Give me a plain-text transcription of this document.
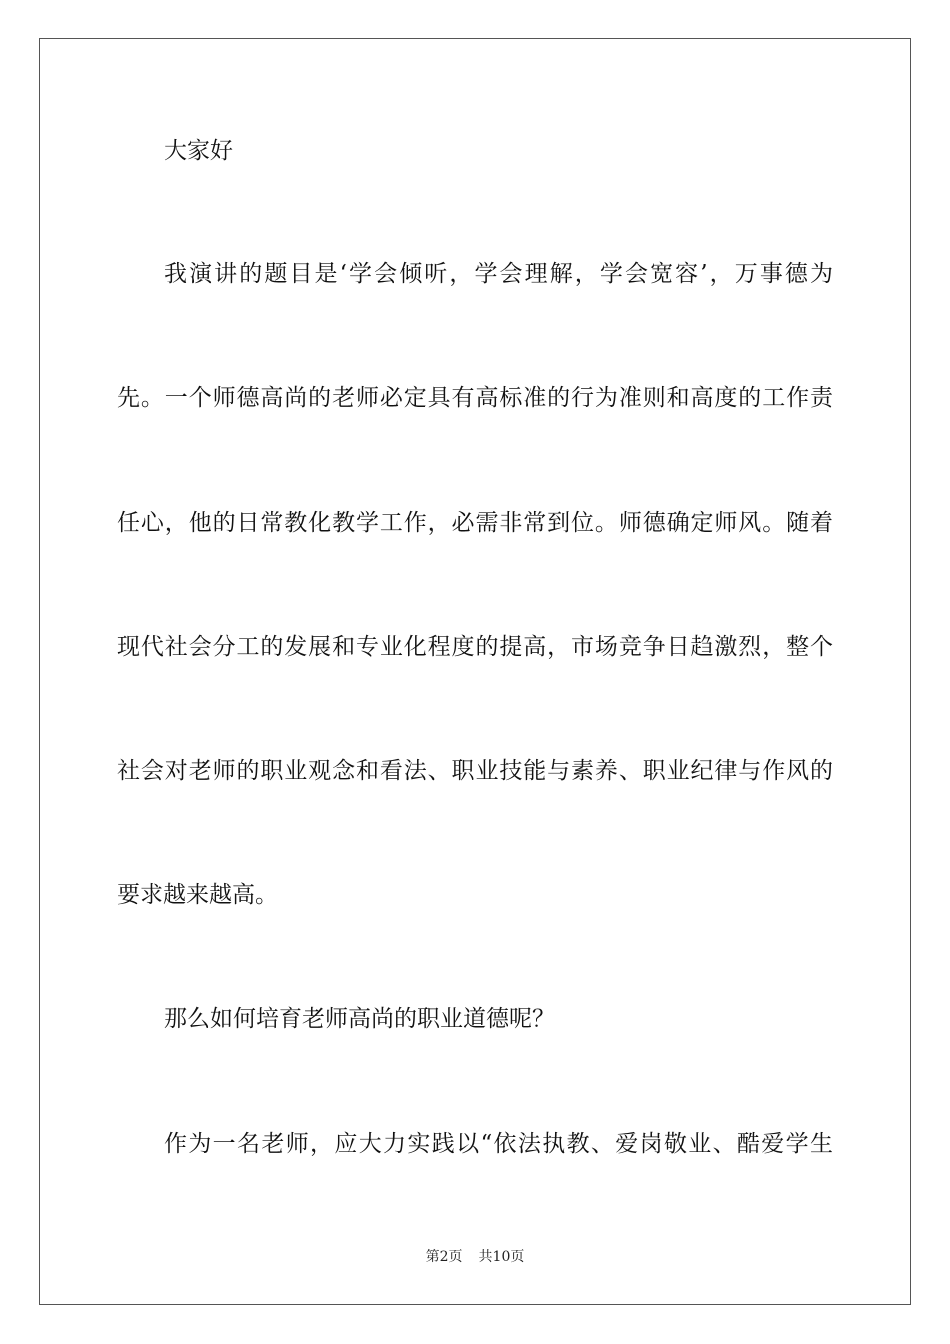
大家好
我演讲的题目是‘学会倾听，学会理解，学会宽容’，万事德为
先。一个师德高尚的老师必定具有高标准的行为准则和高度的工作责
任心，他的日常教化教学工作，必需非常到位。师德确定师风。随着
现代社会分工的发展和专业化程度的提高，市场竞争日趋激烈，整个
社会对老师的职业观念和看法、职业技能与素养、职业纪律与作风的
要求越来越高。
那么如何培育老师高尚的职业道德呢？
作为一名老师，应大力实践以“依法执教、爱岗敬业、酷爱学生
第2页 共10页
